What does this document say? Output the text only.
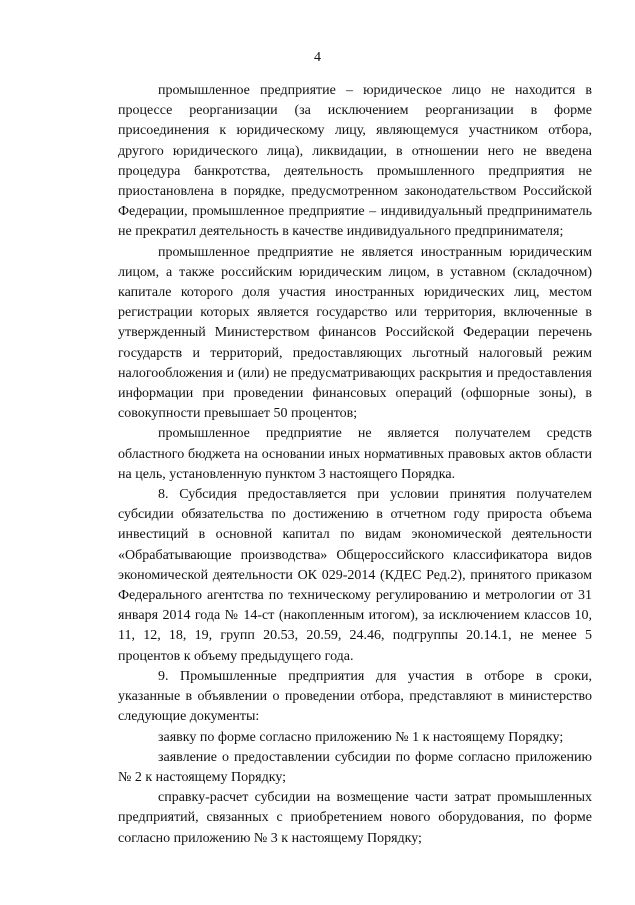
4

промышленное предприятие – юридическое лицо не находится в процессе реорганизации (за исключением реорганизации в форме присоединения к юридическому лицу, являющемуся участником отбора, другого юридического лица), ликвидации, в отношении него не введена процедура банкротства, деятельность промышленного предприятия не приостановлена в порядке, предусмотренном законодательством Российской Федерации, промышленное предприятие – индивидуальный предприниматель не прекратил деятельность в качестве индивидуального предпринимателя;

промышленное предприятие не является иностранным юридическим лицом, а также российским юридическим лицом, в уставном (складочном) капитале которого доля участия иностранных юридических лиц, местом регистрации которых является государство или территория, включенные в утвержденный Министерством финансов Российской Федерации перечень государств и территорий, предоставляющих льготный налоговый режим налогообложения и (или) не предусматривающих раскрытия и предоставления информации при проведении финансовых операций (офшорные зоны), в совокупности превышает 50 процентов;

промышленное предприятие не является получателем средств областного бюджета на основании иных нормативных правовых актов области на цель, установленную пунктом 3 настоящего Порядка.

8. Субсидия предоставляется при условии принятия получателем субсидии обязательства по достижению в отчетном году прироста объема инвестиций в основной капитал по видам экономической деятельности «Обрабатывающие производства» Общероссийского классификатора видов экономической деятельности ОК 029-2014 (КДЕС Ред.2), принятого приказом Федерального агентства по техническому регулированию и метрологии от 31 января 2014 года № 14-ст (накопленным итогом), за исключением классов 10, 11, 12, 18, 19, групп 20.53, 20.59, 24.46, подгруппы 20.14.1, не менее 5 процентов к объему предыдущего года.

9. Промышленные предприятия для участия в отборе в сроки, указанные в объявлении о проведении отбора, представляют в министерство следующие документы:

заявку по форме согласно приложению № 1 к настоящему Порядку;

заявление о предоставлении субсидии по форме согласно приложению № 2 к настоящему Порядку;

справку-расчет субсидии на возмещение части затрат промышленных предприятий, связанных с приобретением нового оборудования, по форме согласно приложению № 3 к настоящему Порядку;
